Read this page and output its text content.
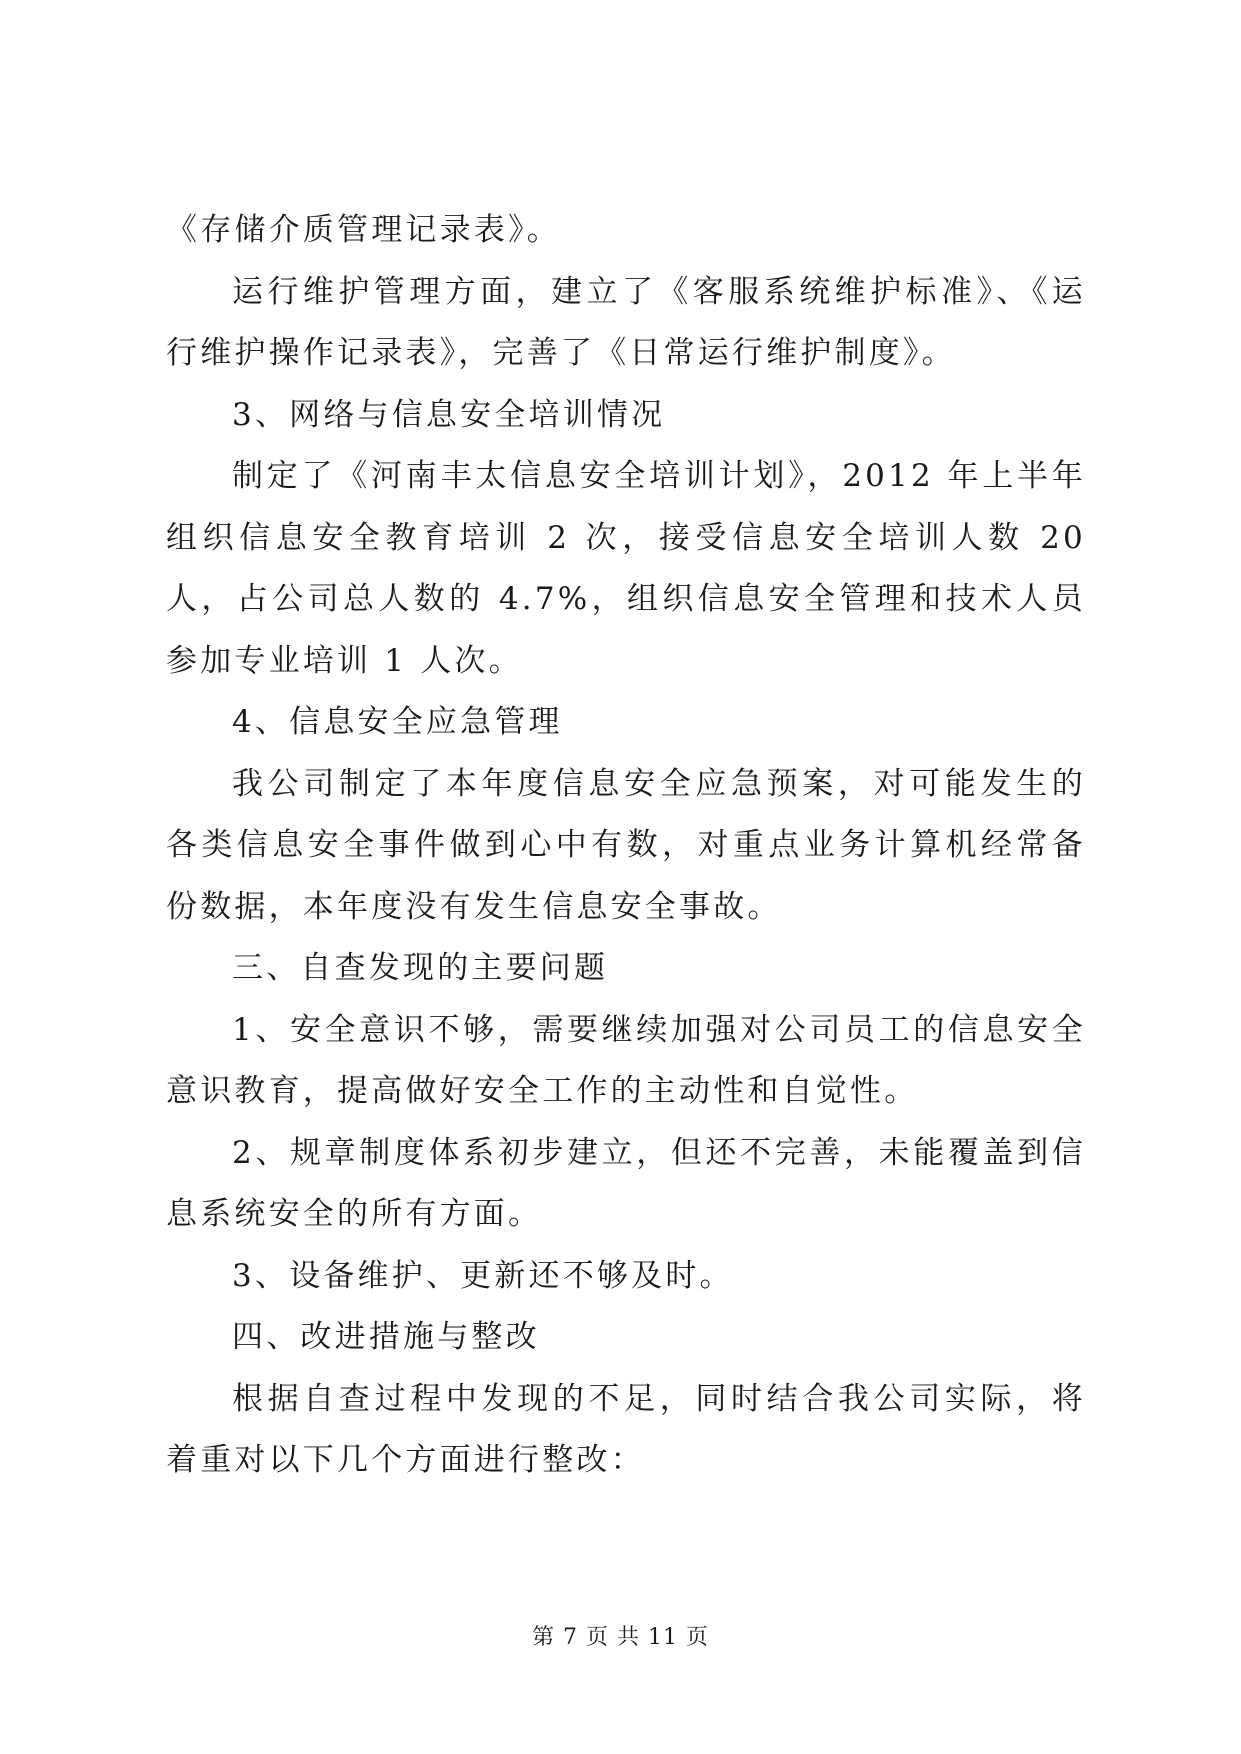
《存储介质管理记录表》。

运行维护管理方面，建立了《客服系统维护标准》、《运行维护操作记录表》，完善了《日常运行维护制度》。

3、网络与信息安全培训情况

制定了《河南丰太信息安全培训计划》，2012 年上半年组织信息安全教育培训 2 次，接受信息安全培训人数 20 人，占公司总人数的 4.7%，组织信息安全管理和技术人员参加专业培训 1 人次。

4、信息安全应急管理

我公司制定了本年度信息安全应急预案，对可能发生的各类信息安全事件做到心中有数，对重点业务计算机经常备份数据，本年度没有发生信息安全事故。

三、自查发现的主要问题

1、安全意识不够，需要继续加强对公司员工的信息安全意识教育，提高做好安全工作的主动性和自觉性。

2、规章制度体系初步建立，但还不完善，未能覆盖到信息系统安全的所有方面。

3、设备维护、更新还不够及时。

四、改进措施与整改

根据自查过程中发现的不足，同时结合我公司实际，将着重对以下几个方面进行整改：

第 7 页 共 11 页
